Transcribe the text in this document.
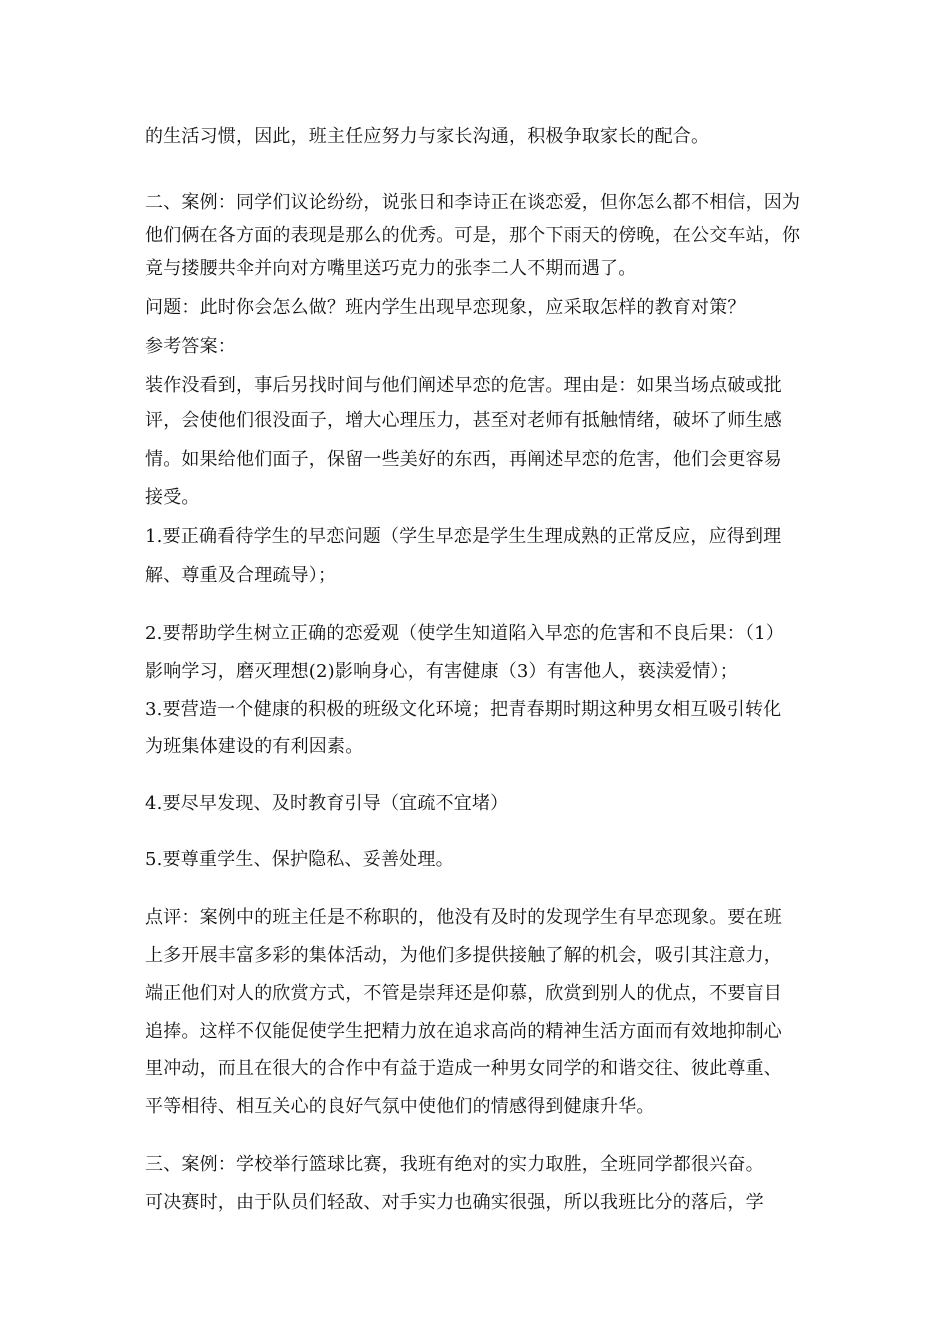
的生活习惯，因此，班主任应努力与家长沟通，积极争取家长的配合。
二、案例：同学们议论纷纷，说张日和李诗正在谈恋爱，但你怎么都不相信，因为
他们俩在各方面的表现是那么的优秀。可是，那个下雨天的傍晚，在公交车站，你
竟与搂腰共伞并向对方嘴里送巧克力的张李二人不期而遇了。
问题：此时你会怎么做？班内学生出现早恋现象，应采取怎样的教育对策？
参考答案：
装作没看到，事后另找时间与他们阐述早恋的危害。理由是：如果当场点破或批
评，会使他们很没面子，增大心理压力，甚至对老师有抵触情绪，破坏了师生感
情。如果给他们面子，保留一些美好的东西，再阐述早恋的危害，他们会更容易
接受。
1.要正确看待学生的早恋问题（学生早恋是学生生理成熟的正常反应，应得到理
解、尊重及合理疏导）；
2.要帮助学生树立正确的恋爱观（使学生知道陷入早恋的危害和不良后果：（1）
影响学习，磨灭理想(2)影响身心，有害健康（3）有害他人，亵渎爱情）；
3.要营造一个健康的积极的班级文化环境；把青春期时期这种男女相互吸引转化
为班集体建设的有利因素。
4.要尽早发现、及时教育引导（宜疏不宜堵）
5.要尊重学生、保护隐私、妥善处理。
点评：案例中的班主任是不称职的，他没有及时的发现学生有早恋现象。要在班
上多开展丰富多彩的集体活动，为他们多提供接触了解的机会，吸引其注意力，
端正他们对人的欣赏方式，不管是崇拜还是仰慕，欣赏到别人的优点，不要盲目
追捧。这样不仅能促使学生把精力放在追求高尚的精神生活方面而有效地抑制心
里冲动，而且在很大的合作中有益于造成一种男女同学的和谐交往、彼此尊重、
平等相待、相互关心的良好气氛中使他们的情感得到健康升华。
三、案例：学校举行篮球比赛，我班有绝对的实力取胜，全班同学都很兴奋。
可决赛时，由于队员们轻敌、对手实力也确实很强，所以我班比分的落后，学
